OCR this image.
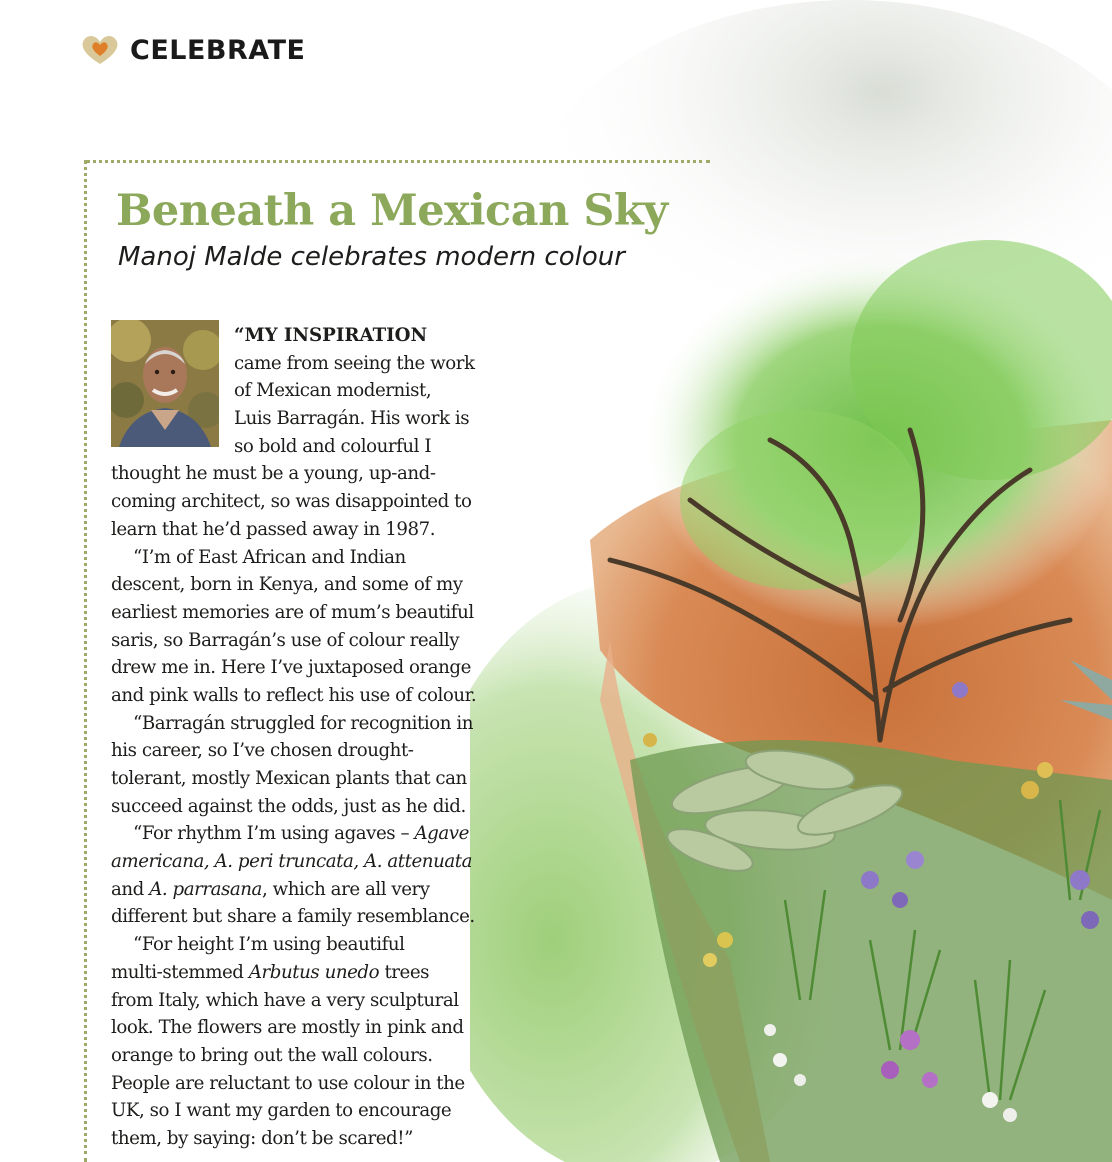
CELEBRATE
Beneath a Mexican Sky

Manoj Malde celebrates modern colour

“MY INSPIRATION
came from seeing the work
of Mexican modernist,
Luis Barragán. His work is
so bold and colourful I
thought he must be a young, up-and-
coming architect, so was disappointed to
learn that he’d passed away in 1987.
“I’m of East African and Indian
descent, born in Kenya, and some of my
earliest memories are of mum’s beautiful
saris, so Barragán’s use of colour really
drew me in. Here I’ve juxtaposed orange
and pink walls to reflect his use of colour.
“Barragán struggled for recognition in
his career, so I’ve chosen drought-
tolerant, mostly Mexican plants that can
succeed against the odds, just as he did.
“For rhythm I’m using agaves – Agave
americana, A. peri truncata, A. attenuata
and A. parrasana, which are all very
different but share a family resemblance.
“For height I’m using beautiful
multi-stemmed Arbutus unedo trees
from Italy, which have a very sculptural
look. The flowers are mostly in pink and
orange to bring out the wall colours.
People are reluctant to use colour in the
UK, so I want my garden to encourage
them, by saying: don’t be scared!”
